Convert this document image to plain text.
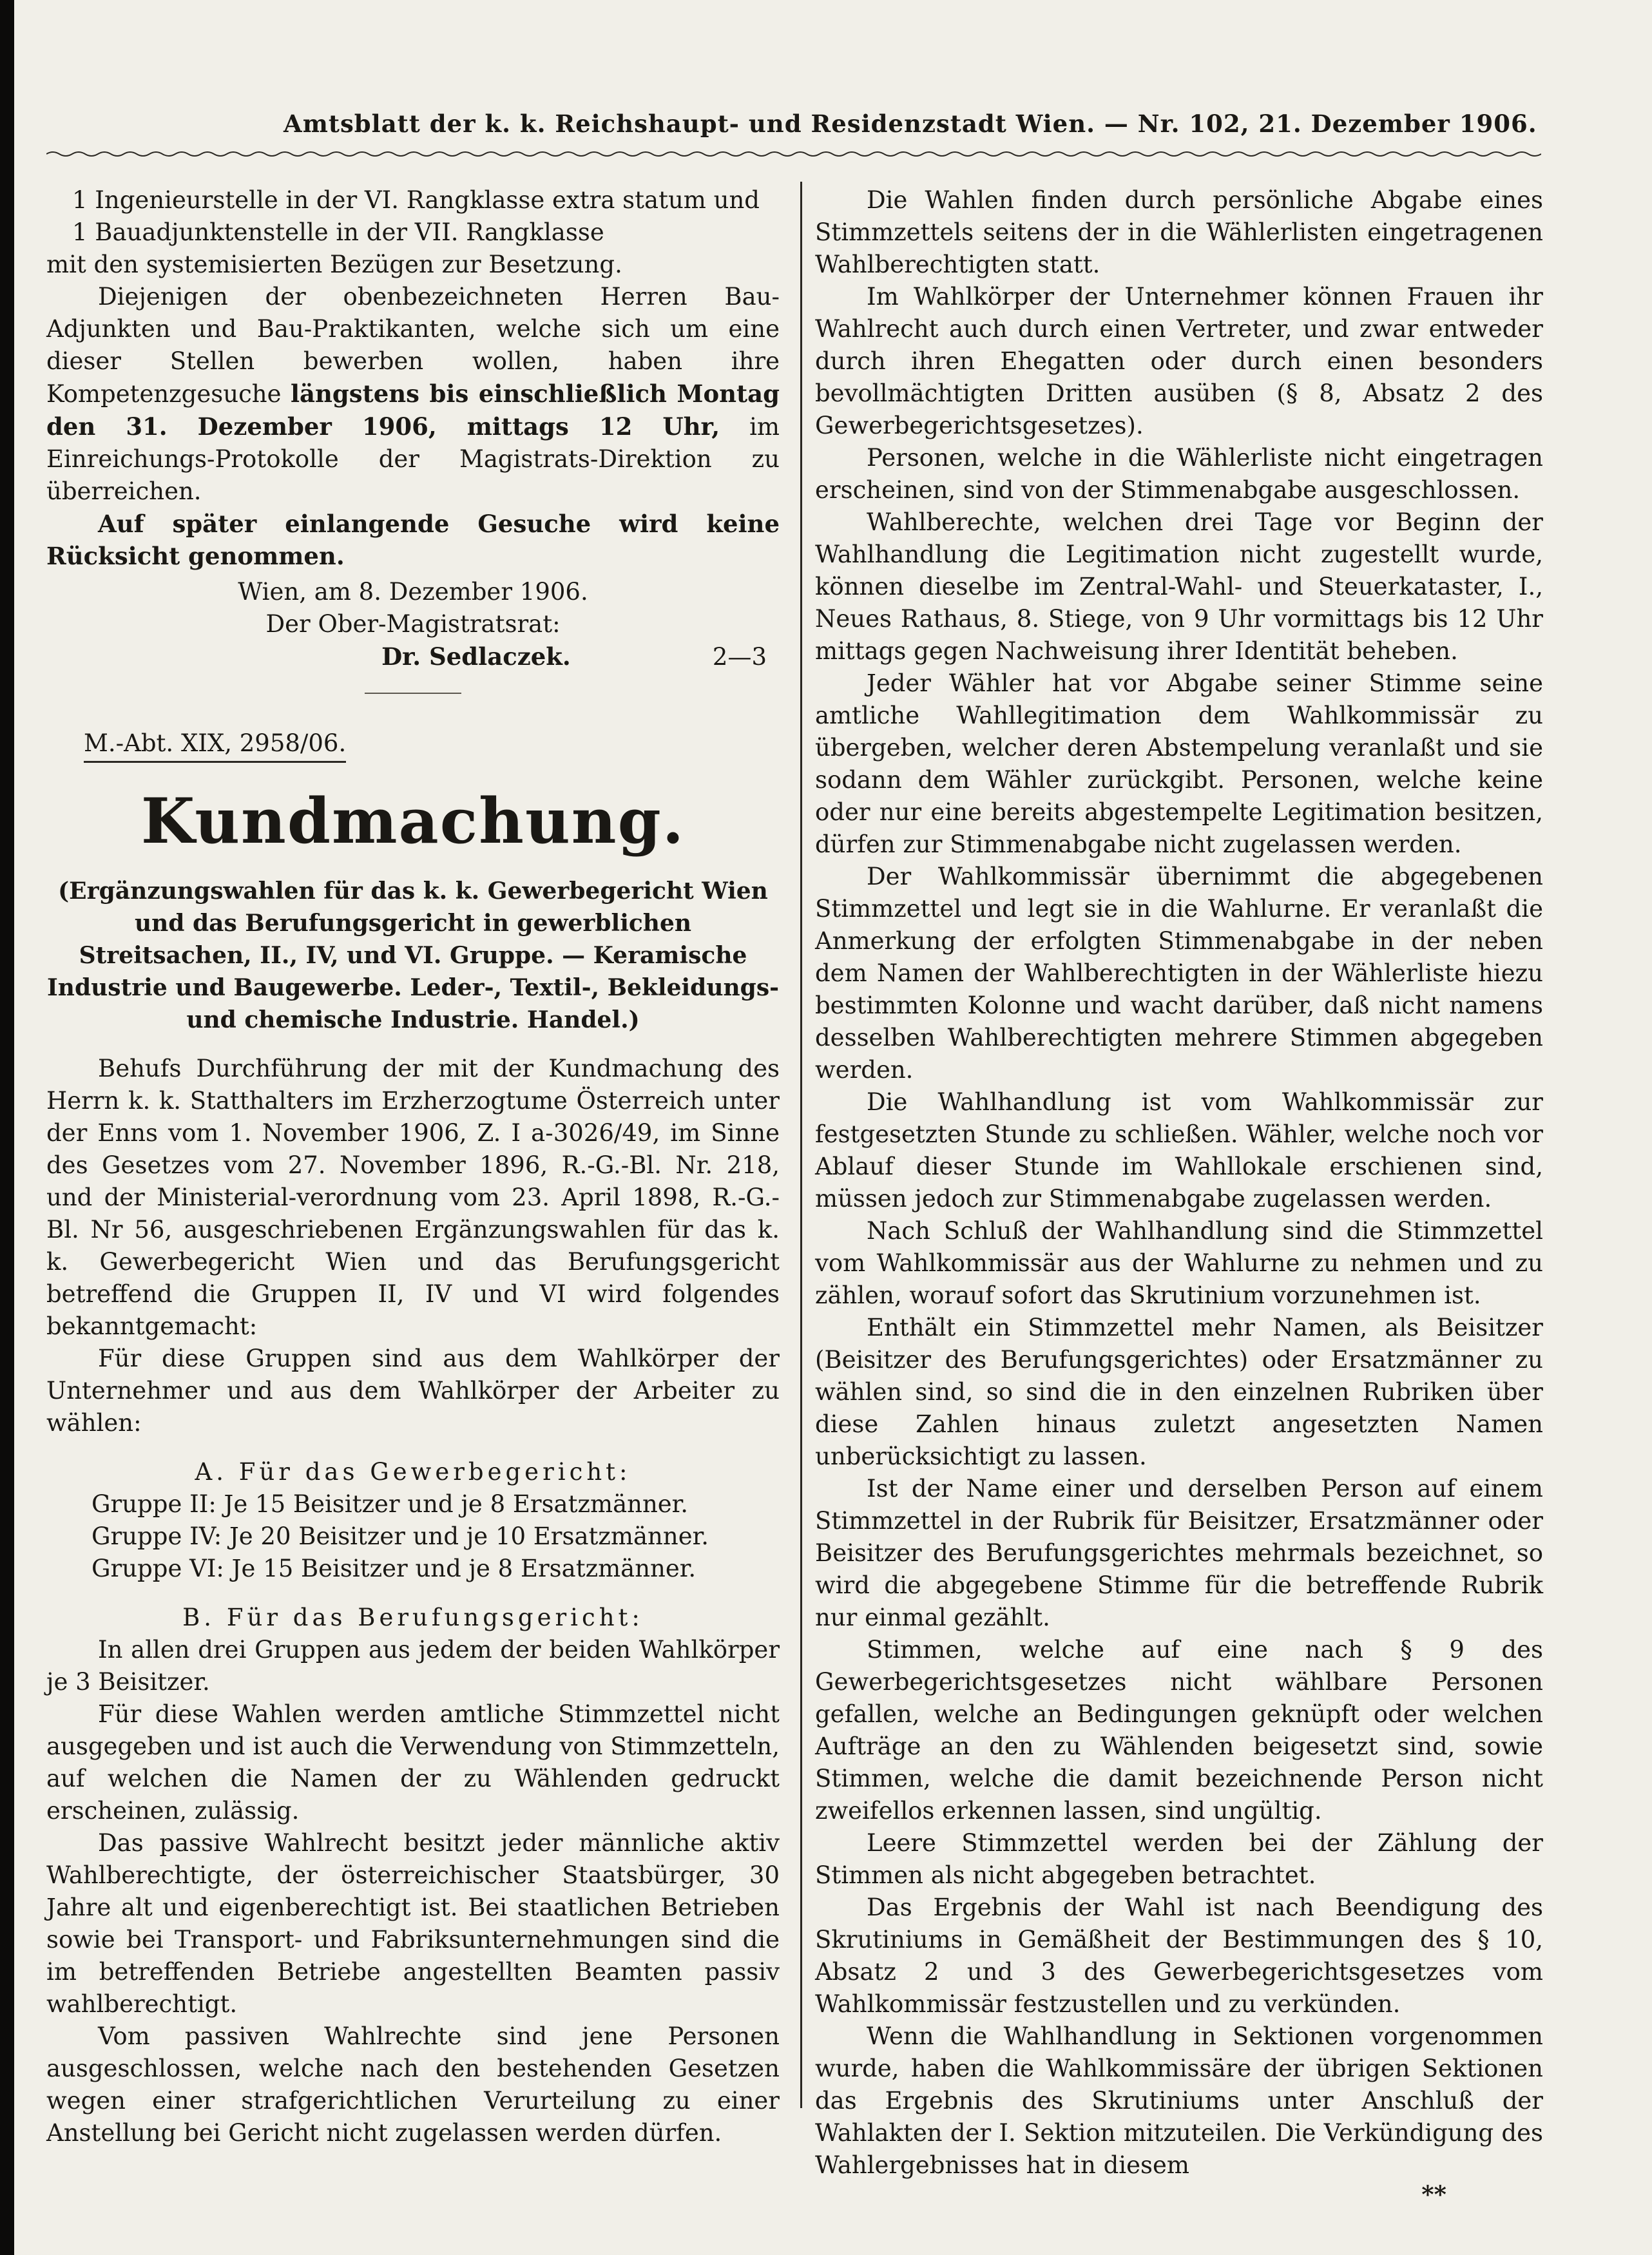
Amtsblatt der k. k. Reichshaupt- und Residenzstadt Wien. — Nr. 102, 21. Dezember 1906.

1 Ingenieurstelle in der VI. Rangklasse extra statum und

1 Bauadjunktenstelle in der VII. Rangklasse

mit den systemisierten Bezügen zur Besetzung.

Diejenigen der obenbezeichneten Herren Bau-Adjunkten und Bau-Praktikanten, welche sich um eine dieser Stellen bewerben wollen, haben ihre Kompetenzgesuche längstens bis einschließlich Montag den 31. Dezember 1906, mittags 12 Uhr, im Einreichungs-Protokolle der Magistrats-Direktion zu überreichen.

Auf später einlangende Gesuche wird keine Rücksicht genommen.

Wien, am 8. Dezember 1906.

Der Ober-Magistratsrat:

Dr. Sedlaczek.	2—3
M.-Abt. XIX, 2958/06.
Kundmachung.

(Ergänzungswahlen für das k. k. Gewerbegericht Wien und das Berufungsgericht in gewerblichen Streitsachen, II., IV, und VI. Gruppe. — Keramische Industrie und Baugewerbe. Leder-, Textil-, Bekleidungs- und chemische Industrie. Handel.)

Behufs Durchführung der mit der Kundmachung des Herrn k. k. Statthalters im Erzherzogtume Österreich unter der Enns vom 1. November 1906, Z. I a-3026/49, im Sinne des Gesetzes vom 27. November 1896, R.-G.-Bl. Nr. 218, und der Ministerial-verordnung vom 23. April 1898, R.-G.-Bl. Nr 56, ausgeschriebenen Ergänzungswahlen für das k. k. Gewerbegericht Wien und das Berufungsgericht betreffend die Gruppen II, IV und VI wird folgendes bekanntgemacht:

Für diese Gruppen sind aus dem Wahlkörper der Unternehmer und aus dem Wahlkörper der Arbeiter zu wählen:

A. Für das Gewerbegericht:

Gruppe II: Je 15 Beisitzer und je 8 Ersatzmänner.

Gruppe IV: Je 20 Beisitzer und je 10 Ersatzmänner.

Gruppe VI: Je 15 Beisitzer und je 8 Ersatzmänner.

B. Für das Berufungsgericht:

In allen drei Gruppen aus jedem der beiden Wahlkörper je 3 Beisitzer.

Für diese Wahlen werden amtliche Stimmzettel nicht ausgegeben und ist auch die Verwendung von Stimmzetteln, auf welchen die Namen der zu Wählenden gedruckt erscheinen, zulässig.

Das passive Wahlrecht besitzt jeder männliche aktiv Wahlberechtigte, der österreichischer Staatsbürger, 30 Jahre alt und eigenberechtigt ist. Bei staatlichen Betrieben sowie bei Transport- und Fabriksunternehmungen sind die im betreffenden Betriebe angestellten Beamten passiv wahlberechtigt.

Vom passiven Wahlrechte sind jene Personen ausgeschlossen, welche nach den bestehenden Gesetzen wegen einer strafgerichtlichen Verurteilung zu einer Anstellung bei Gericht nicht zugelassen werden dürfen.

Die Wahlen finden durch persönliche Abgabe eines Stimmzettels seitens der in die Wählerlisten eingetragenen Wahlberechtigten statt.

Im Wahlkörper der Unternehmer können Frauen ihr Wahlrecht auch durch einen Vertreter, und zwar entweder durch ihren Ehegatten oder durch einen besonders bevollmächtigten Dritten ausüben (§ 8, Absatz 2 des Gewerbegerichtsgesetzes).

Personen, welche in die Wählerliste nicht eingetragen erscheinen, sind von der Stimmenabgabe ausgeschlossen.

Wahlberechte, welchen drei Tage vor Beginn der Wahlhandlung die Legitimation nicht zugestellt wurde, können dieselbe im Zentral-Wahl- und Steuerkataster, I., Neues Rathaus, 8. Stiege, von 9 Uhr vormittags bis 12 Uhr mittags gegen Nachweisung ihrer Identität beheben.

Jeder Wähler hat vor Abgabe seiner Stimme seine amtliche Wahllegitimation dem Wahlkommissär zu übergeben, welcher deren Abstempelung veranlaßt und sie sodann dem Wähler zurückgibt. Personen, welche keine oder nur eine bereits abgestempelte Legitimation besitzen, dürfen zur Stimmenabgabe nicht zugelassen werden.

Der Wahlkommissär übernimmt die abgegebenen Stimmzettel und legt sie in die Wahlurne. Er veranlaßt die Anmerkung der erfolgten Stimmenabgabe in der neben dem Namen der Wahlberechtigten in der Wählerliste hiezu bestimmten Kolonne und wacht darüber, daß nicht namens desselben Wahlberechtigten mehrere Stimmen abgegeben werden.

Die Wahlhandlung ist vom Wahlkommissär zur festgesetzten Stunde zu schließen. Wähler, welche noch vor Ablauf dieser Stunde im Wahllokale erschienen sind, müssen jedoch zur Stimmenabgabe zugelassen werden.

Nach Schluß der Wahlhandlung sind die Stimmzettel vom Wahlkommissär aus der Wahlurne zu nehmen und zu zählen, worauf sofort das Skrutinium vorzunehmen ist.

Enthält ein Stimmzettel mehr Namen, als Beisitzer (Beisitzer des Berufungsgerichtes) oder Ersatzmänner zu wählen sind, so sind die in den einzelnen Rubriken über diese Zahlen hinaus zuletzt angesetzten Namen unberücksichtigt zu lassen.

Ist der Name einer und derselben Person auf einem Stimmzettel in der Rubrik für Beisitzer, Ersatzmänner oder Beisitzer des Berufungsgerichtes mehrmals bezeichnet, so wird die abgegebene Stimme für die betreffende Rubrik nur einmal gezählt.

Stimmen, welche auf eine nach § 9 des Gewerbegerichtsgesetzes nicht wählbare Personen gefallen, welche an Bedingungen geknüpft oder welchen Aufträge an den zu Wählenden beigesetzt sind, sowie Stimmen, welche die damit bezeichnende Person nicht zweifellos erkennen lassen, sind ungültig.

Leere Stimmzettel werden bei der Zählung der Stimmen als nicht abgegeben betrachtet.

Das Ergebnis der Wahl ist nach Beendigung des Skrutiniums in Gemäßheit der Bestimmungen des § 10, Absatz 2 und 3 des Gewerbegerichtsgesetzes vom Wahlkommissär festzustellen und zu verkünden.

Wenn die Wahlhandlung in Sektionen vorgenommen wurde, haben die Wahlkommissäre der übrigen Sektionen das Ergebnis des Skrutiniums unter Anschluß der Wahlakten der I. Sektion mitzuteilen. Die Verkündigung des Wahlergebnisses hat in diesem

**
